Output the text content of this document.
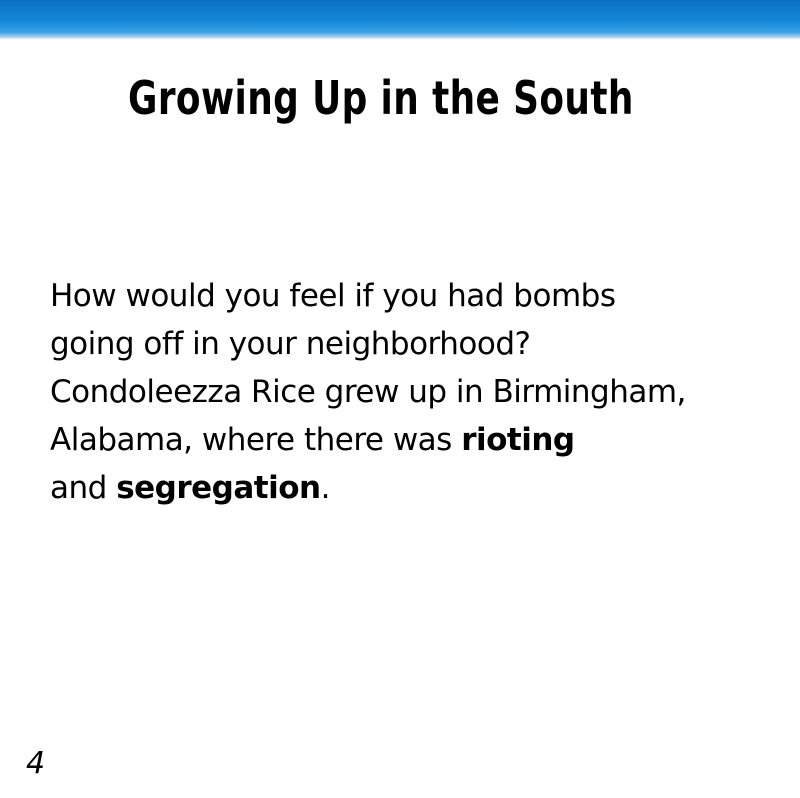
Growing Up in the South
How would you feel if you had bombs
going off in your neighborhood?
Condoleezza Rice grew up in Birmingham,
Alabama, where there was rioting
and segregation.
4
